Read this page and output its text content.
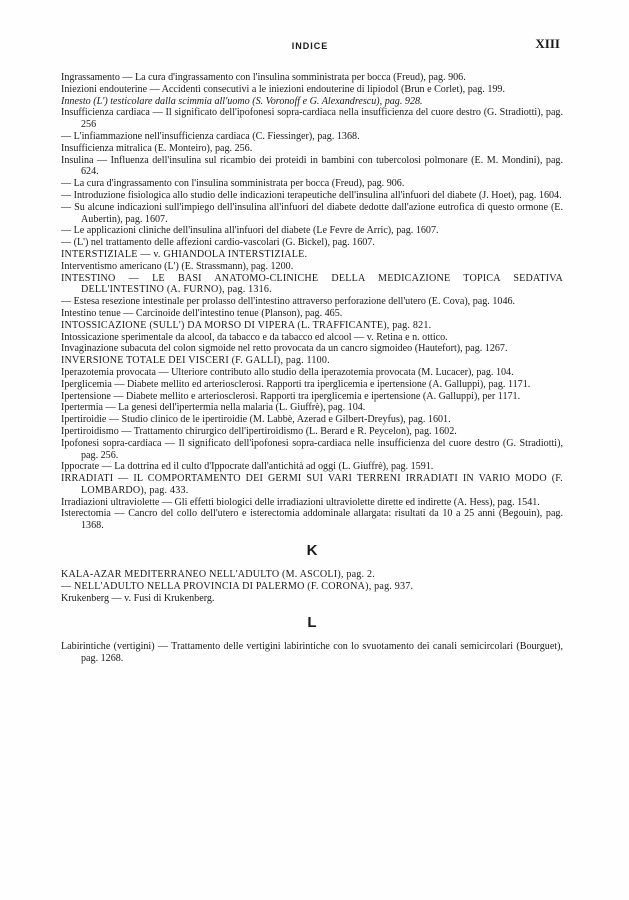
INDICE	XIII

Ingrassamento — La cura d'ingrassamento con l'insulina somministrata per bocca (Freud), pag. 906.

Iniezioni endouterine — Accidenti consecutivi a le iniezioni endouterine di lipiodol (Brun e Corlet), pag. 199.

Innesto (L') testicolare dalla scimmia all'uomo (S. Voronoff e G. Alexandrescu), pag. 928.

Insufficienza cardiaca — Il significato dell'ipofonesi sopra-cardiaca nella insufficienza del cuore destro (G. Stradiotti), pag. 256

— L'infiammazione nell'insufficienza cardiaca (C. Fiessinger), pag. 1368.

Insufficienza mitralica (E. Monteiro), pag. 256.

Insulina — Influenza dell'insulina sul ricambio dei proteidi in bambini con tubercolosi polmonare (E. M. Mondini), pag. 624.

— La cura d'ingrassamento con l'insulina somministrata per bocca (Freud), pag. 906.

— Introduzione fisiologica allo studio delle indicazioni terapeutiche dell'insulina all'infuori del diabete (J. Hoet), pag. 1604.

— Su alcune indicazioni sull'impiego dell'insulina all'infuori del diabete dedotte dall'azione eutrofica di questo ormone (E. Aubertin), pag. 1607.

— Le applicazioni cliniche dell'insulina all'infuori del diabete (Le Fevre de Arric), pag. 1607.

— (L') nel trattamento delle affezioni cardio-vascolari (G. Bickel), pag. 1607.

INTERSTIZIALE — v. GHIANDOLA INTERSTIZIALE.

Interventismo americano (L') (E. Strassmann), pag. 1200.

INTESTINO — LE BASI ANATOMO-CLINICHE DELLA MEDICAZIONE TOPICA SEDATIVA DELL'INTESTINO (A. FURNO), pag. 1316.

— Estesa resezione intestinale per prolasso dell'intestino attraverso perforazione dell'utero (E. Cova), pag. 1046.

Intestino tenue — Carcinoide dell'intestino tenue (Planson), pag. 465.

INTOSSICAZIONE (SULL') DA MORSO DI VIPERA (L. TRAFFICANTE), pag. 821.

Intossicazione sperimentale da alcool, da tabacco e da tabacco ed alcool — v. Retina e n. ottico.

Invaginazione subacuta del colon sigmoide nel retto provocata da un cancro sigmoideo (Hautefort), pag. 1267.

INVERSIONE TOTALE DEI VISCERI (F. GALLI), pag. 1100.

Iperazotemia provocata — Ulteriore contributo allo studio della iperazotemia provocata (M. Lucacer), pag. 104.

Iperglicemia — Diabete mellito ed arteriosclerosi. Rapporti tra iperglicemia e ipertensione (A. Galluppi), pag. 1171.

Ipertensione — Diabete mellito e arteriosclerosi. Rapporti tra iperglicemia e ipertensione (A. Galluppi), per 1171.

Ipertermia — La genesi dell'ipertermia nella malaria (L. Giuffrè), pag. 104.

Ipertiroidie — Studio clinico de le ipertiroidie (M. Labbè, Azerad e Gilbert-Dreyfus), pag. 1601.

Ipertiroidismo — Trattamento chirurgico dell'ipertiroidismo (L. Berard e R. Peycelon), pag. 1602.

Ipofonesi sopra-cardiaca — Il significato dell'ipofonesi sopra-cardiaca nelle insufficienza del cuore destro (G. Stradiotti), pag. 256.

Ippocrate — La dottrina ed il culto d'Ippocrate dall'antichità ad oggi (L. Giuffrè), pag. 1591.

IRRADIATI — IL COMPORTAMENTO DEI GERMI SUI VARI TERRENI IRRADIATI IN VARIO MODO (F. LOMBARDO), pag. 433.

Irradiazioni ultraviolette — Gli effetti biologici delle irradiazioni ultraviolette dirette ed indirette (A. Hess), pag. 1541.

Isterectomia — Cancro del collo dell'utero e isterectomia addominale allargata: risultati da 10 a 25 anni (Begouin), pag. 1368.

K

KALA-AZAR MEDITERRANEO NELL'ADULTO (M. ASCOLI), pag. 2.

— NELL'ADULTO NELLA PROVINCIA DI PALERMO (F. CORONA), pag. 937.

Krukenberg — v. Fusi di Krukenberg.

L

Labirintiche (vertigini) — Trattamento delle vertigini labirintiche con lo svuotamento dei canali semicircolari (Bourguet), pag. 1268.
